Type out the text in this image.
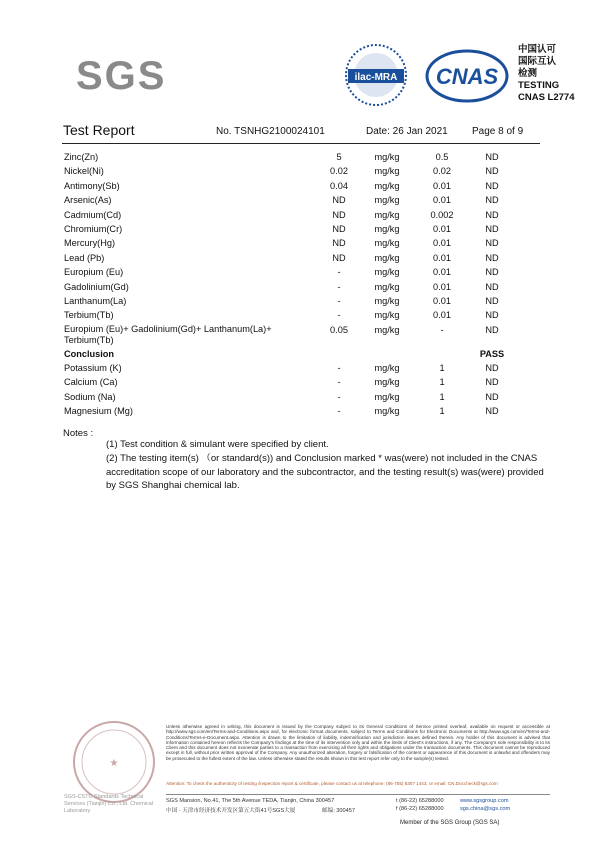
SGS	ilac-MRA CNAS
中国认可
国际互认
检测
TESTING
CNAS L2774
Test Report	No. TSNHG2100024101	Date: 26 Jan 2021 Page 8 of 9
Zinc(Zn)	5	mg/kg	0.5	ND
Nickel(Ni)	0.02	mg/kg	0.02	ND
Antimony(Sb)	0.04	mg/kg	0.01	ND
Arsenic(As)	ND	mg/kg	0.01	ND
Cadmium(Cd)	ND	mg/kg	0.002	ND
Chromium(Cr)	ND	mg/kg	0.01	ND
Mercury(Hg)	ND	mg/kg	0.01	ND
Lead (Pb)	ND	mg/kg	0.01	ND
Europium (Eu)	-	mg/kg	0.01	ND
Gadolinium(Gd)	-	mg/kg	0.01	ND
Lanthanum(La)	-	mg/kg	0.01	ND
Terbium(Tb)	-	mg/kg	0.01	ND
Europium (Eu)+ Gadolinium(Gd)+ Lanthanum(La)+ Terbium(Tb)
0.05	mg/kg	-	ND
Conclusion	PASS
Potassium (K)	-	mg/kg	1	ND
Calcium (Ca)	-	mg/kg	1	ND
Sodium (Na)	-	mg/kg	1	ND
Magnesium (Mg)	-	mg/kg	1	ND
Notes :
(1) Test condition & simulant were specified by client.
(2) The testing item(s) （or standard(s)) and Conclusion marked * was(were) not included in the CNAS accreditation scope of our laboratory and the subcontractor, and the testing result(s) was(were) provided by SGS Shanghai chemical lab.
★
SGS-CSTC Standards Technical Services (Tianjin) Co., Ltd. Chemical Laboratory
Unless otherwise agreed in writing, this document is issued by the Company subject to its General Conditions of Service printed overleaf, available on request or accessible at http://www.sgs.com/en/Terms-and-Conditions.aspx and, for electronic format documents, subject to Terms and Conditions for Electronic Documents at http://www.sgs.com/en/Terms-and-Conditions/Terms-e-Document.aspx. Attention is drawn to the limitation of liability, indemnification and jurisdiction issues defined therein. Any holder of this document is advised that information contained hereon reflects the Company's findings at the time of its intervention only and within the limits of Client's instructions, if any. The Company's sole responsibility is to its Client and this document does not exonerate parties to a transaction from exercising all their rights and obligations under the transaction documents. This document cannot be reproduced except in full, without prior written approval of the Company. Any unauthorized alteration, forgery or falsification of the content or appearance of this document is unlawful and offenders may be prosecuted to the fullest extent of the law. Unless otherwise stated the results shown in this test report refer only to the sample(s) tested.
Attention: To check the authenticity of testing /inspection report & certificate, please contact us at telephone: (86-755) 8307 1443, or email: CN.Doccheck@sgs.com
SGS Mansion, No.41, The 5th Avenue TEDA, Tianjin, China 300457
中国 · 天津市经济技术开发区第五大街41号SGS大厦	邮编: 300457
t (86-22) 65288000
f (86-22) 65288000
www.sgsgroup.com
sgs.china@sgs.com
Member of the SGS Group (SGS SA)
